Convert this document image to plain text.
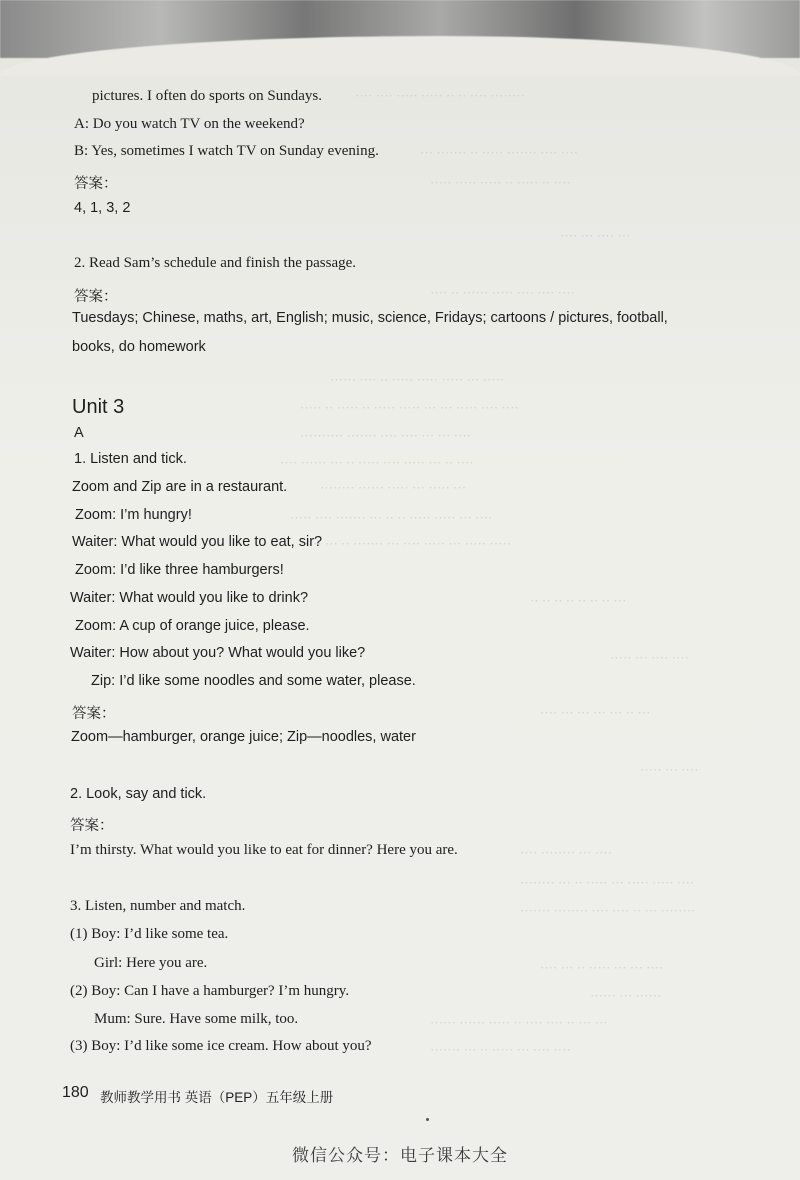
········ ···· ·· ·· ····· ····· ···· ····
···· ···· ······· ····· ·· ······· ···
···· ·· ····· ·· ····· ····· ·····
··· ···· ··· ····
···· ···· ···· ····· ······ ·· ····
····· ··· ····· ····· ····· ·· ···· ······
···· ···· ····· ··· ··· ····· ····· ·· ····· ·· ·····
···· ··· ··· ···· ···· ······· ··········
···· ·· ··· ····· ···· ····· ·· ··· ······ ····
··· ····· ··· ····· ······ ········
···· ··· ····· ····· ·· ·· ··· ······· ···· ·····
····· ····· ··· ····· ···· ··· ······· ·· ··· ·····
··· ·· ·· ·· ·· ·· ·· ··
···· ···· ··· ·····
··· ·· ··· ··· ··· ··· ····
···· ··· ·····
···· ··· ········ ····
···· ····· ····· ··· ····· ·· ··· ········
········ ··· ·· ···· ···· ········ ·······
···· ··· ··· ····· ·· ··· ····
······ ··· ······
··· ··· ·· ···· ···· ·· ····· ······ ······
···· ···· ··· ····· ·· ··· ·······
pictures. I often do sports on Sundays.
A: Do you watch TV on the weekend?
B: Yes, sometimes I watch TV on Sunday evening.
答案：
4, 1, 3, 2
2. Read Sam’s schedule and finish the passage.
答案：
Tuesdays; Chinese, maths, art, English; music, science, Fridays; cartoons / pictures, football,
books, do homework
Unit 3
A
1. Listen and tick.
Zoom and Zip are in a restaurant.
Zoom: I’m hungry!
Waiter: What would you like to eat, sir?
Zoom: I’d like three hamburgers!
Waiter: What would you like to drink?
Zoom: A cup of orange juice, please.
Waiter: How about you? What would you like?
Zip: I’d like some noodles and some water, please.
答案：
Zoom—hamburger, orange juice; Zip—noodles, water
2. Look, say and tick.
答案：
I’m thirsty. What would you like to eat for dinner? Here you are.
3. Listen, number and match.
(1) Boy: I’d like some tea.
Girl: Here you are.
(2) Boy: Can I have a hamburger? I’m hungry.
Mum: Sure. Have some milk, too.
(3) Boy: I’d like some ice cream. How about you?
180 教师教学用书 英语（PEP）五年级上册
微信公众号：电子课本大全
